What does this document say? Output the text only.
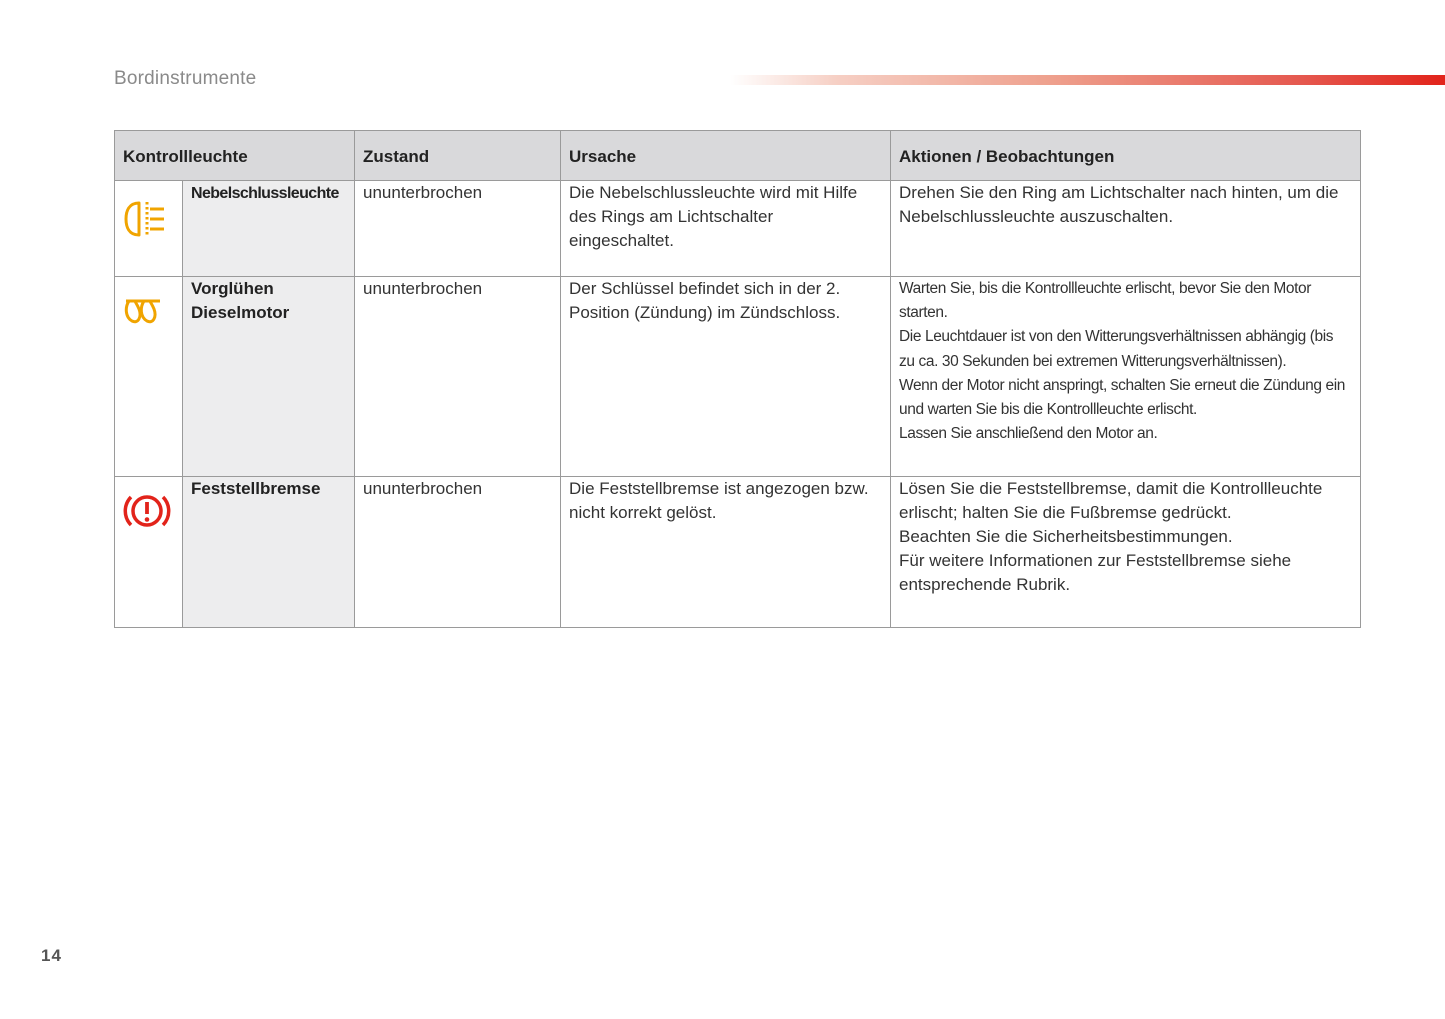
Bordinstrumente
Kontrollleuchte		Zustand	Ursache	Aktionen / Beobachtungen
	Nebelschlussleuchte	ununterbrochen	Die Nebelschlussleuchte wird mit Hilfe des Rings am Lichtschalter eingeschaltet.	Drehen Sie den Ring am Lichtschalter nach hinten, um die Nebelschlussleuchte auszuschalten.
	Vorglühen Dieselmotor	ununterbrochen	Der Schlüssel befindet sich in der 2. Position (Zündung) im Zündschloss.	Warten Sie, bis die Kontrollleuchte erlischt, bevor Sie den Motor starten.
Die Leuchtdauer ist von den Witterungsverhältnissen abhängig (bis zu ca. 30 Sekunden bei extremen Witterungsverhältnissen).
Wenn der Motor nicht anspringt, schalten Sie erneut die Zündung ein und warten Sie bis die Kontrollleuchte erlischt.
Lassen Sie anschließend den Motor an.

	Feststellbremse	ununterbrochen	Die Feststellbremse ist angezogen bzw. nicht korrekt gelöst.	Lösen Sie die Feststellbremse, damit die Kontrollleuchte erlischt; halten Sie die Fußbremse gedrückt.
Beachten Sie die Sicherheitsbestimmungen.
Für weitere Informationen zur Feststellbremse siehe entsprechende Rubrik.
14
